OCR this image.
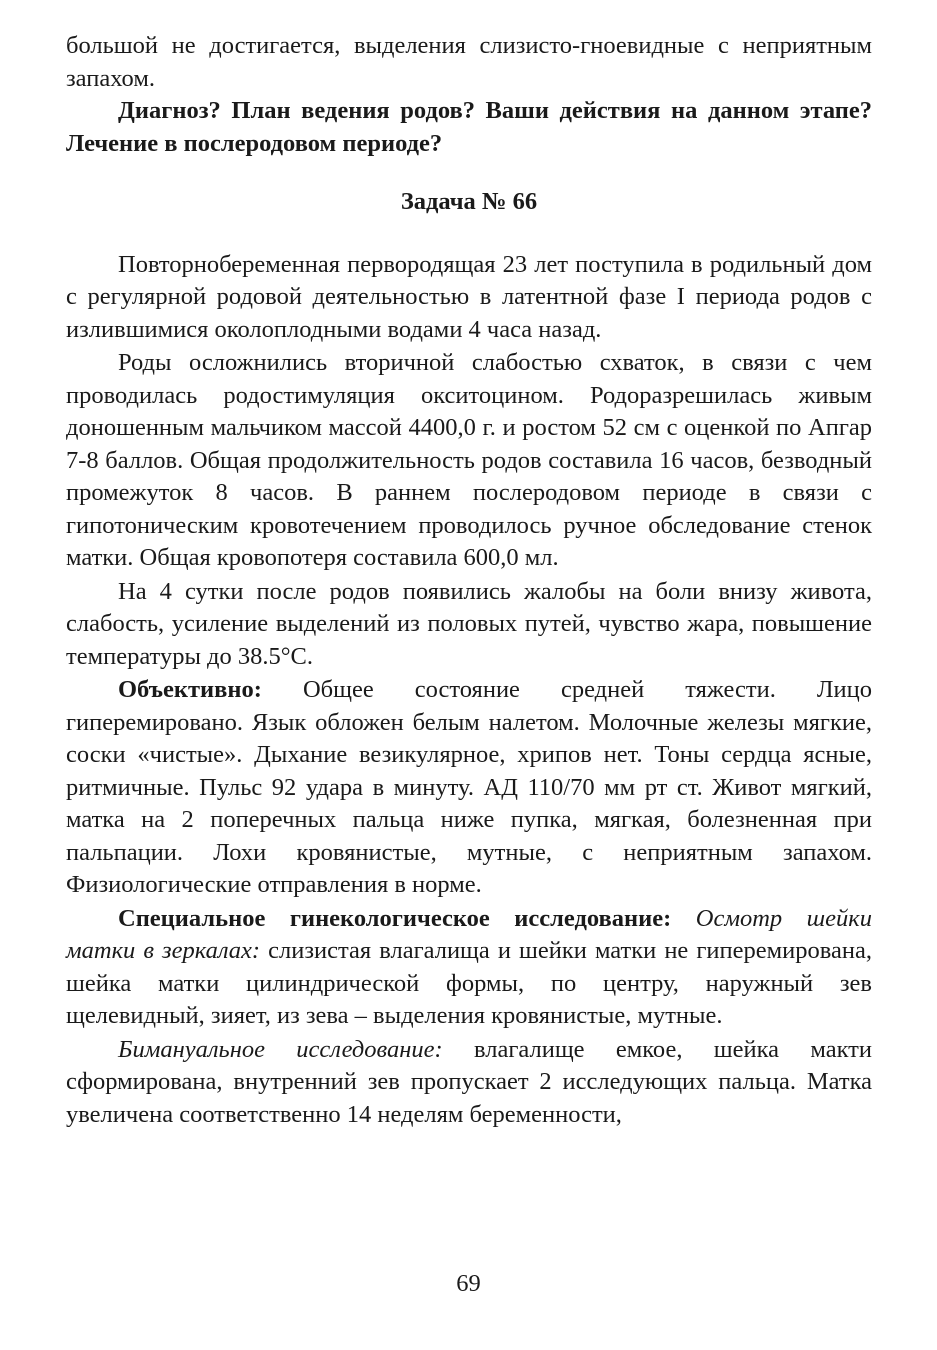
большой не достигается, выделения слизисто-гноевидные с неприятным запахом.

Диагноз? План ведения родов? Ваши действия на данном этапе? Лечение в послеродовом периоде?

Задача № 66

Повторнобеременная первородящая 23 лет поступила в родильный дом с регулярной родовой деятельностью в латентной фазе I периода родов с излившимися околоплодными водами 4 часа назад.

Роды осложнились вторичной слабостью схваток, в связи с чем проводилась родостимуляция окситоцином. Родоразрешилась живым доношенным мальчиком массой 4400,0 г. и ростом 52 см с оценкой по Апгар 7-8 баллов. Общая продолжительность родов составила 16 часов, безводный промежуток 8 часов. В раннем послеродовом периоде в связи с гипотоническим кровотечением проводилось ручное обследование стенок матки. Общая кровопотеря составила 600,0 мл.

На 4 сутки после родов появились жалобы на боли внизу живота, слабость, усиление выделений из половых путей, чувство жара, повышение температуры до 38.5°С.

Объективно: Общее состояние средней тяжести. Лицо гиперемировано. Язык обложен белым налетом. Молочные железы мягкие, соски «чистые». Дыхание везикулярное, хрипов нет. Тоны сердца ясные, ритмичные. Пульс 92 удара в минуту. АД 110/70 мм рт ст. Живот мягкий, матка на 2 поперечных пальца ниже пупка, мягкая, болезненная при пальпации. Лохи кровянистые, мутные, с неприятным запахом. Физиологические отправления в норме.

Специальное гинекологическое исследование: Осмотр шейки матки в зеркалах: слизистая влагалища и шейки матки не гиперемирована, шейка матки цилиндрической формы, по центру, наружный зев щелевидный, зияет, из зева – выделения кровянистые, мутные.

Бимануальное исследование: влагалище емкое, шейка макти сформирована, внутренний зев пропускает 2 исследующих пальца. Матка увеличена соответственно 14 неделям беременности,

69
